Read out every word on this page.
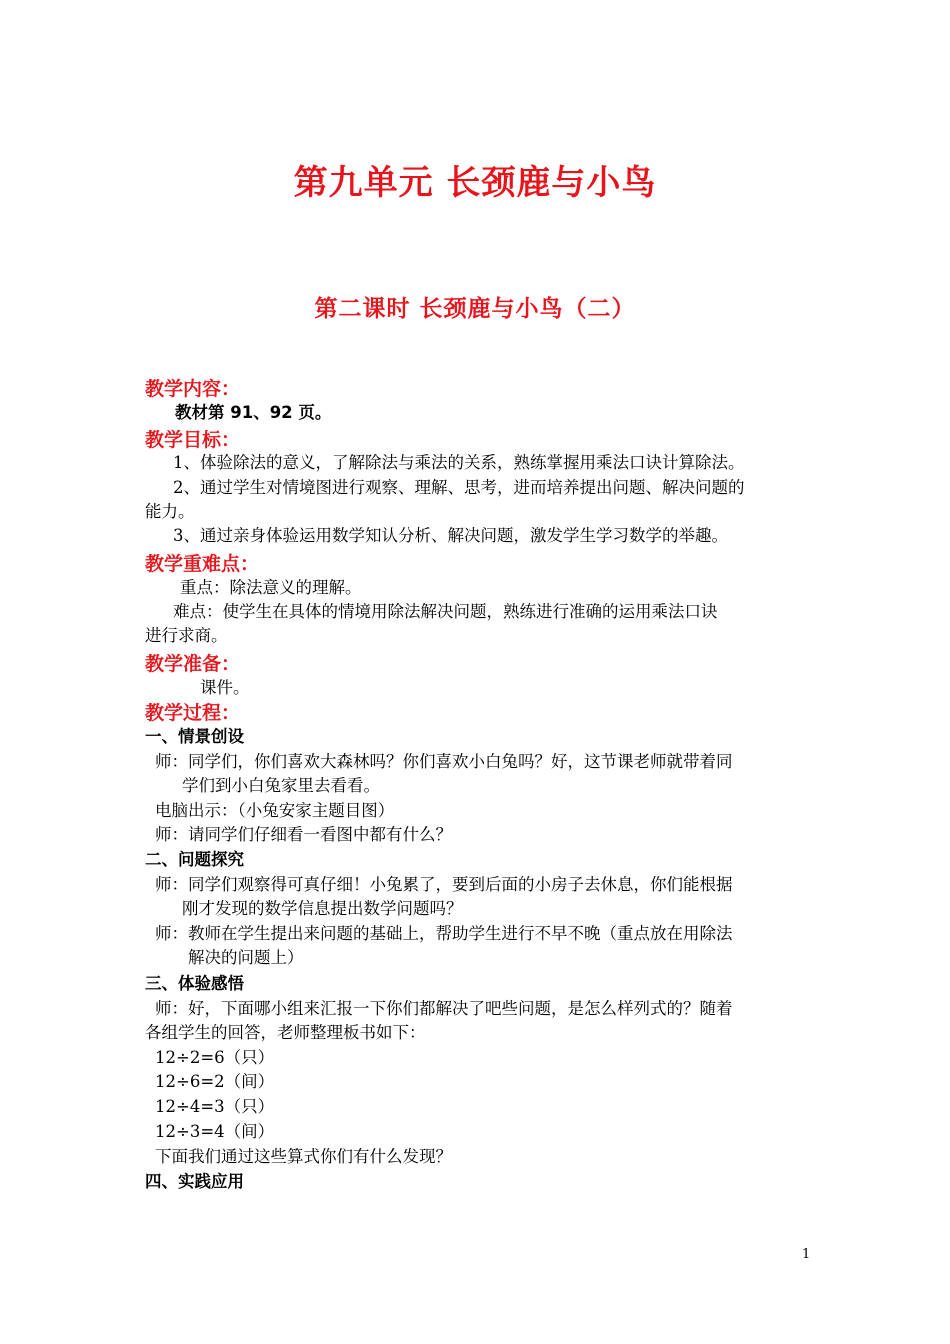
第九单元 长颈鹿与小鸟
第二课时 长颈鹿与小鸟（二）
教学内容：
教材第 91、92 页。
教学目标：
1、体验除法的意义，了解除法与乘法的关系，熟练掌握用乘法口诀计算除法。
2、通过学生对情境图进行观察、理解、思考，进而培养提出问题、解决问题的
能力。
3、通过亲身体验运用数学知认分析、解决问题，激发学生学习数学的举趣。
教学重难点：
重点：除法意义的理解。
难点：使学生在具体的情境用除法解决问题，熟练进行准确的运用乘法口诀
进行求商。
教学准备：
课件。
教学过程：
一、情景创设
师：同学们，你们喜欢大森林吗？你们喜欢小白兔吗？好，这节课老师就带着同
学们到小白兔家里去看看。
电脑出示：（小兔安家主题目图）
师：请同学们仔细看一看图中都有什么？
二、问题探究
师：同学们观察得可真仔细！小兔累了，要到后面的小房子去休息，你们能根据
刚才发现的数学信息提出数学问题吗？
师：教师在学生提出来问题的基础上，帮助学生进行不早不晚（重点放在用除法
解决的问题上）
三、体验感悟
师：好，下面哪小组来汇报一下你们都解决了吧些问题，是怎么样列式的？随着
各组学生的回答，老师整理板书如下：
12÷2=6（只）
12÷6=2（间）
12÷4=3（只）
12÷3=4（间）
下面我们通过这些算式你们有什么发现？
四、实践应用
1
